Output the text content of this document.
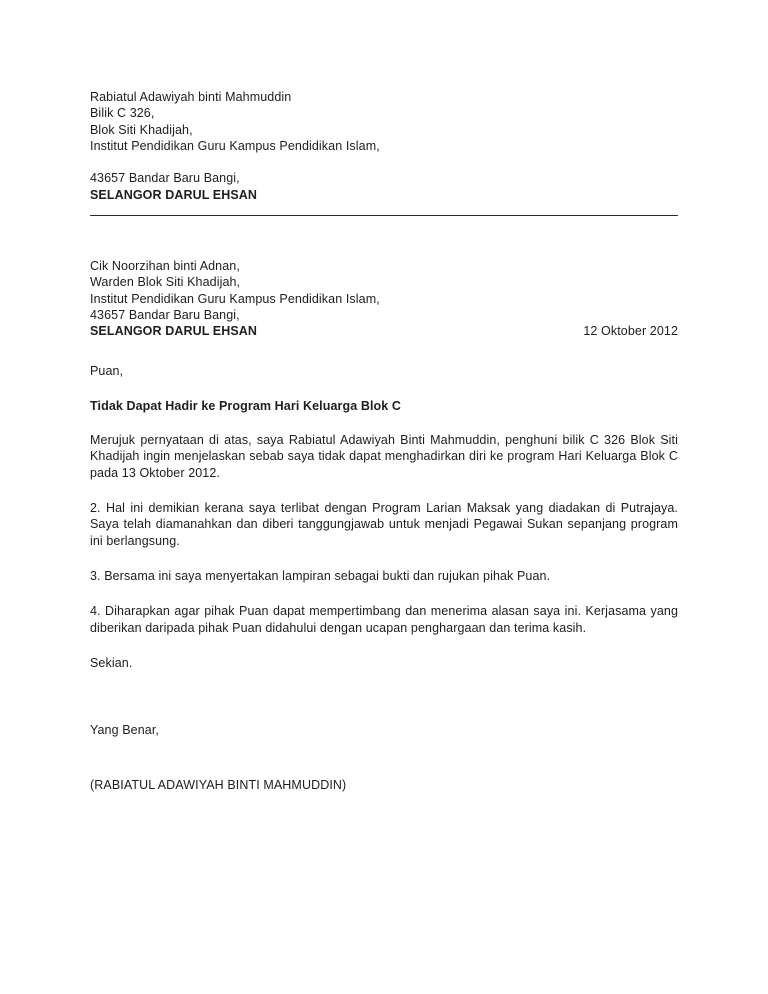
Rabiatul Adawiyah binti Mahmuddin
Bilik C 326,
Blok Siti Khadijah,
Institut Pendidikan Guru Kampus Pendidikan Islam,
43657 Bandar Baru Bangi,
SELANGOR DARUL EHSAN
Cik Noorzihan binti Adnan,
Warden Blok Siti Khadijah,
Institut Pendidikan Guru Kampus Pendidikan Islam,
43657 Bandar Baru Bangi,
SELANGOR DARUL EHSAN	12 Oktober 2012
Puan,
Tidak Dapat Hadir ke Program Hari Keluarga Blok C

Merujuk pernyataan di atas, saya Rabiatul Adawiyah Binti Mahmuddin, penghuni bilik C 326 Blok Siti Khadijah ingin menjelaskan sebab saya tidak dapat menghadirkan diri ke program Hari Keluarga Blok C pada 13 Oktober 2012.

2. Hal ini demikian kerana saya terlibat dengan Program Larian Maksak yang diadakan di Putrajaya. Saya telah diamanahkan dan diberi tanggungjawab untuk menjadi Pegawai Sukan sepanjang program ini berlangsung.

3. Bersama ini saya menyertakan lampiran sebagai bukti dan rujukan pihak Puan.

4. Diharapkan agar pihak Puan dapat mempertimbang dan menerima alasan saya ini. Kerjasama yang diberikan daripada pihak Puan didahului dengan ucapan penghargaan dan terima kasih.

Sekian.
Yang Benar,
(RABIATUL ADAWIYAH BINTI MAHMUDDIN)
